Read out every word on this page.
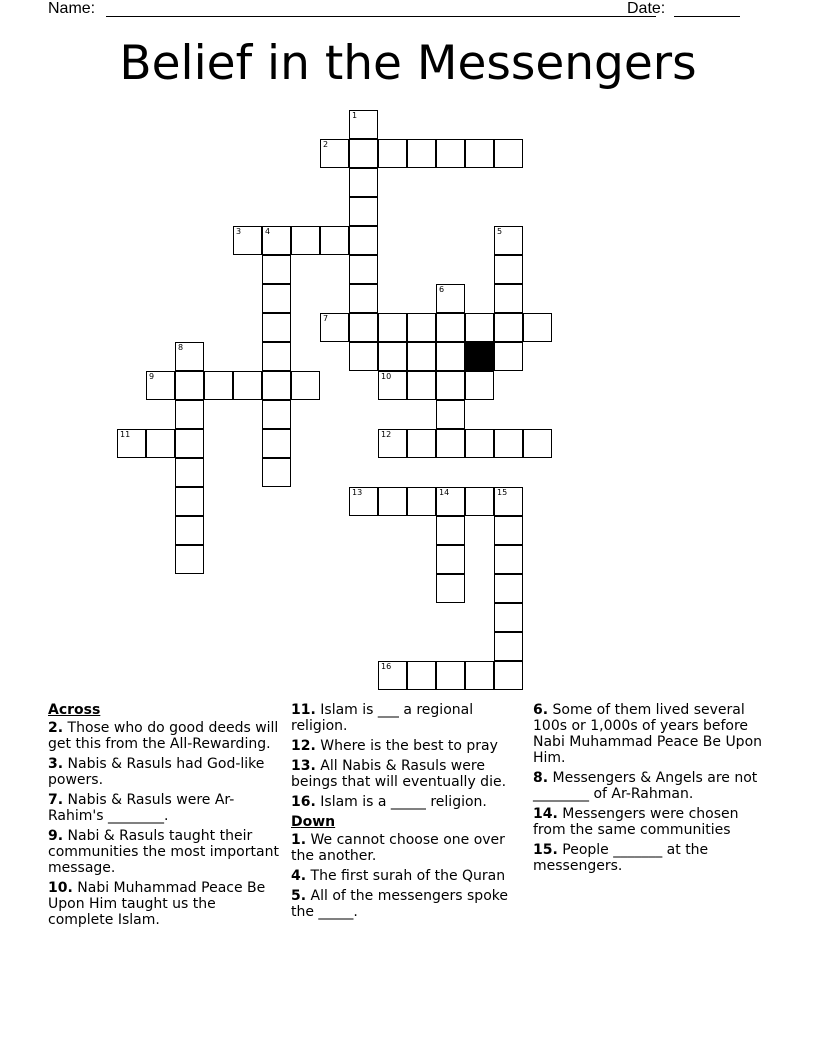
Name:	Date:
Belief in the Messengers
1
2
3	4	5
6
7
8
9	10
11	12
13	14	15
16
Across
2. Those who do good deeds will get this from the All-Rewarding.
3. Nabis & Rasuls had God-like powers.
7. Nabis & Rasuls were Ar-Rahim's ________.
9. Nabi & Rasuls taught their communities the most important message.
10. Nabi Muhammad Peace Be Upon Him taught us the complete Islam.
11. Islam is ___ a regional religion.
12. Where is the best to pray
13. All Nabis & Rasuls were beings that will eventually die.
16. Islam is a _____ religion.
Down
1. We cannot choose one over the another.
4. The first surah of the Quran
5. All of the messengers spoke the _____.
6. Some of them lived several 100s or 1,000s of years before Nabi Muhammad Peace Be Upon Him.
8. Messengers & Angels are not ________ of Ar-Rahman.
14. Messengers were chosen from the same communities
15. People _______ at the messengers.
